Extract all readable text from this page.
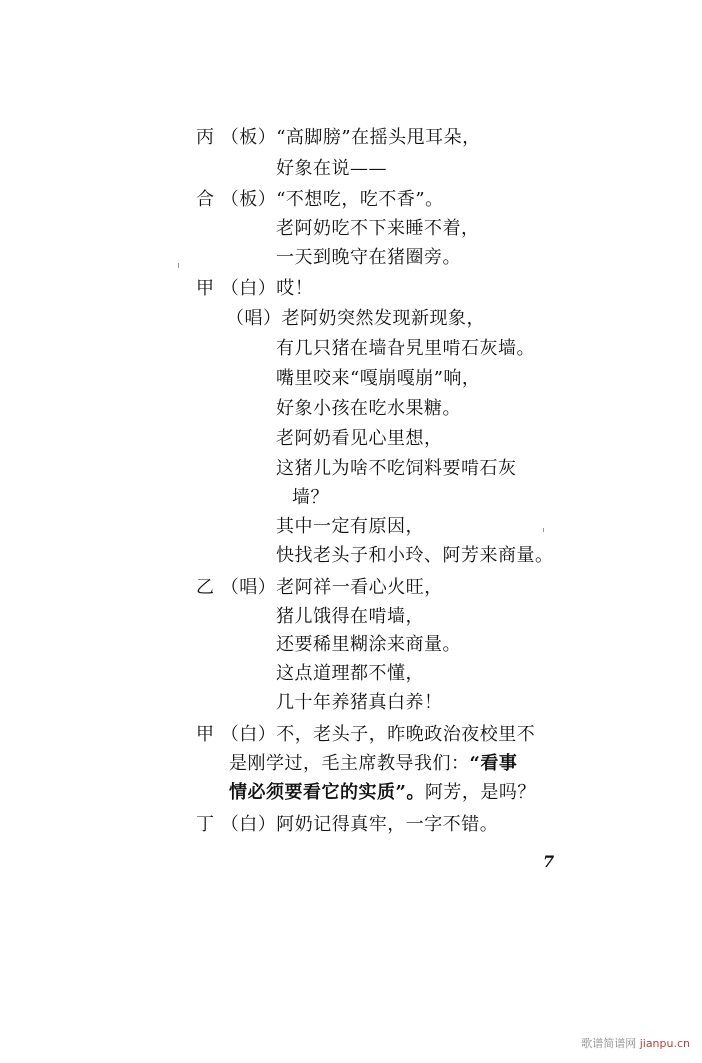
丙 （板）“高脚膀”在摇头甩耳朵，
好象在说——
合 （板）“不想吃，吃不香”。
老阿奶吃不下来睡不着，
一天到晚守在猪圈旁。
甲 （白）哎！
（唱）老阿奶突然发现新现象，
有几只猪在墙旮旯里啃石灰墙。
嘴里咬来“嘎崩嘎崩”响，
好象小孩在吃水果糖。
老阿奶看见心里想，
这猪儿为啥不吃饲料要啃石灰
墙？
其中一定有原因，
快找老头子和小玲、阿芳来商量。
乙 （唱）老阿祥一看心火旺，
猪儿饿得在啃墙，
还要稀里糊涂来商量。
这点道理都不懂，
几十年养猪真白养！
甲 （白）不，老头子，昨晚政治夜校里不
是刚学过，毛主席教导我们：“看事
情必须要看它的实质”。阿芳，是吗？
丁 （白）阿奶记得真牢，一字不错。
7
歌谱简谱网 jianpu.cn
